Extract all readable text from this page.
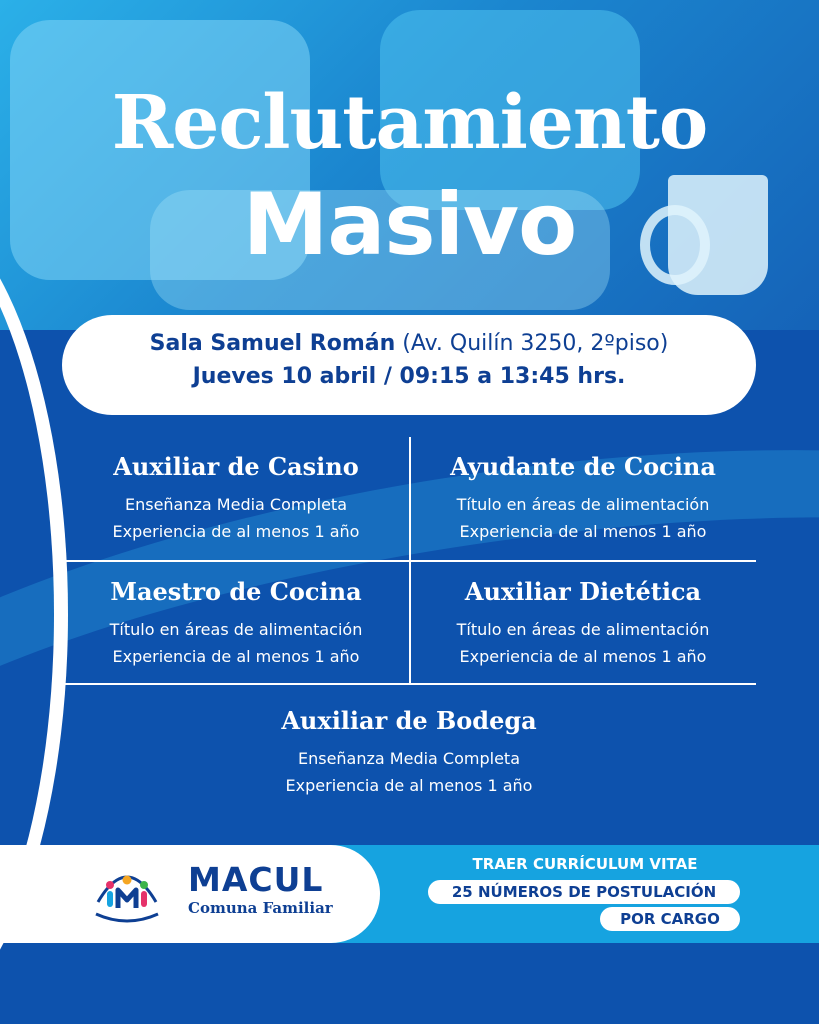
Reclutamiento
Masivo
Sala Samuel Román (Av. Quilín 3250, 2ºpiso)
Jueves 10 abril / 09:15 a 13:45 hrs.
Auxiliar de Casino
Enseñanza Media Completa
Experiencia de al menos 1 año
Ayudante de Cocina
Título en áreas de alimentación
Experiencia de al menos 1 año
Maestro de Cocina
Título en áreas de alimentación
Experiencia de al menos 1 año
Auxiliar Dietética
Título en áreas de alimentación
Experiencia de al menos 1 año
Auxiliar de Bodega
Enseñanza Media Completa
Experiencia de al menos 1 año
MACUL
Comuna Familiar
TRAER CURRÍCULUM VITAE
25 NÚMEROS DE POSTULACIÓN
POR CARGO
